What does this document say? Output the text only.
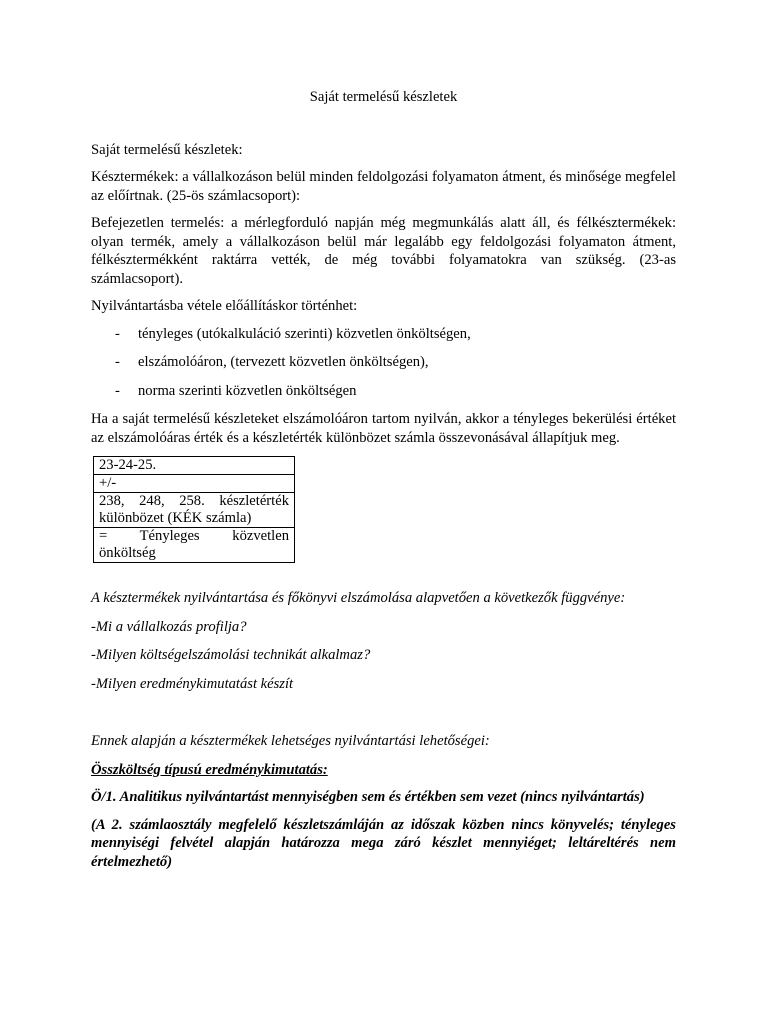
Saját termelésű készletek

Saját termelésű készletek:

Késztermékek: a vállalkozáson belül minden feldolgozási folyamaton átment, és minősége megfelel az előírtnak. (25-ös számlacsoport):

Befejezetlen termelés: a mérlegforduló napján még megmunkálás alatt áll, és félkésztermékek: olyan termék, amely a vállalkozáson belül már legalább egy feldolgozási folyamaton átment, félkésztermékként raktárra vették, de még további folyamatokra van szükség. (23-as számlacsoport).

Nyilvántartásba vétele előállításkor történhet:

- tényleges (utókalkuláció szerinti) közvetlen önköltségen,
- elszámolóáron, (tervezett közvetlen önköltségen),
- norma szerinti közvetlen önköltségen

Ha a saját termelésű készleteket elszámolóáron tartom nyilván, akkor a tényleges bekerülési értéket az elszámolóáras érték és a készletérték különbözet számla összevonásával állapítjuk meg.

23-24-25.
+/-
238, 248, 258. készletérték különbözet (KÉK számla)
= Tényleges közvetlen önköltség

A késztermékek nyilvántartása és főkönyvi elszámolása alapvetően a következők függvénye:

-Mi a vállalkozás profilja?

-Milyen költségelszámolási technikát alkalmaz?

-Milyen eredménykimutatást készít

Ennek alapján a késztermékek lehetséges nyilvántartási lehetőségei:

Összköltség típusú eredménykimutatás:

Ö/1. Analitikus nyilvántartást mennyiségben sem és értékben sem vezet (nincs nyilvántartás)

(A 2. számlaosztály megfelelő készletszámláján az időszak közben nincs könyvelés; tényleges mennyiségi felvétel alapján határozza mega záró készlet mennyiéget; leltáreltérés nem értelmezhető)
